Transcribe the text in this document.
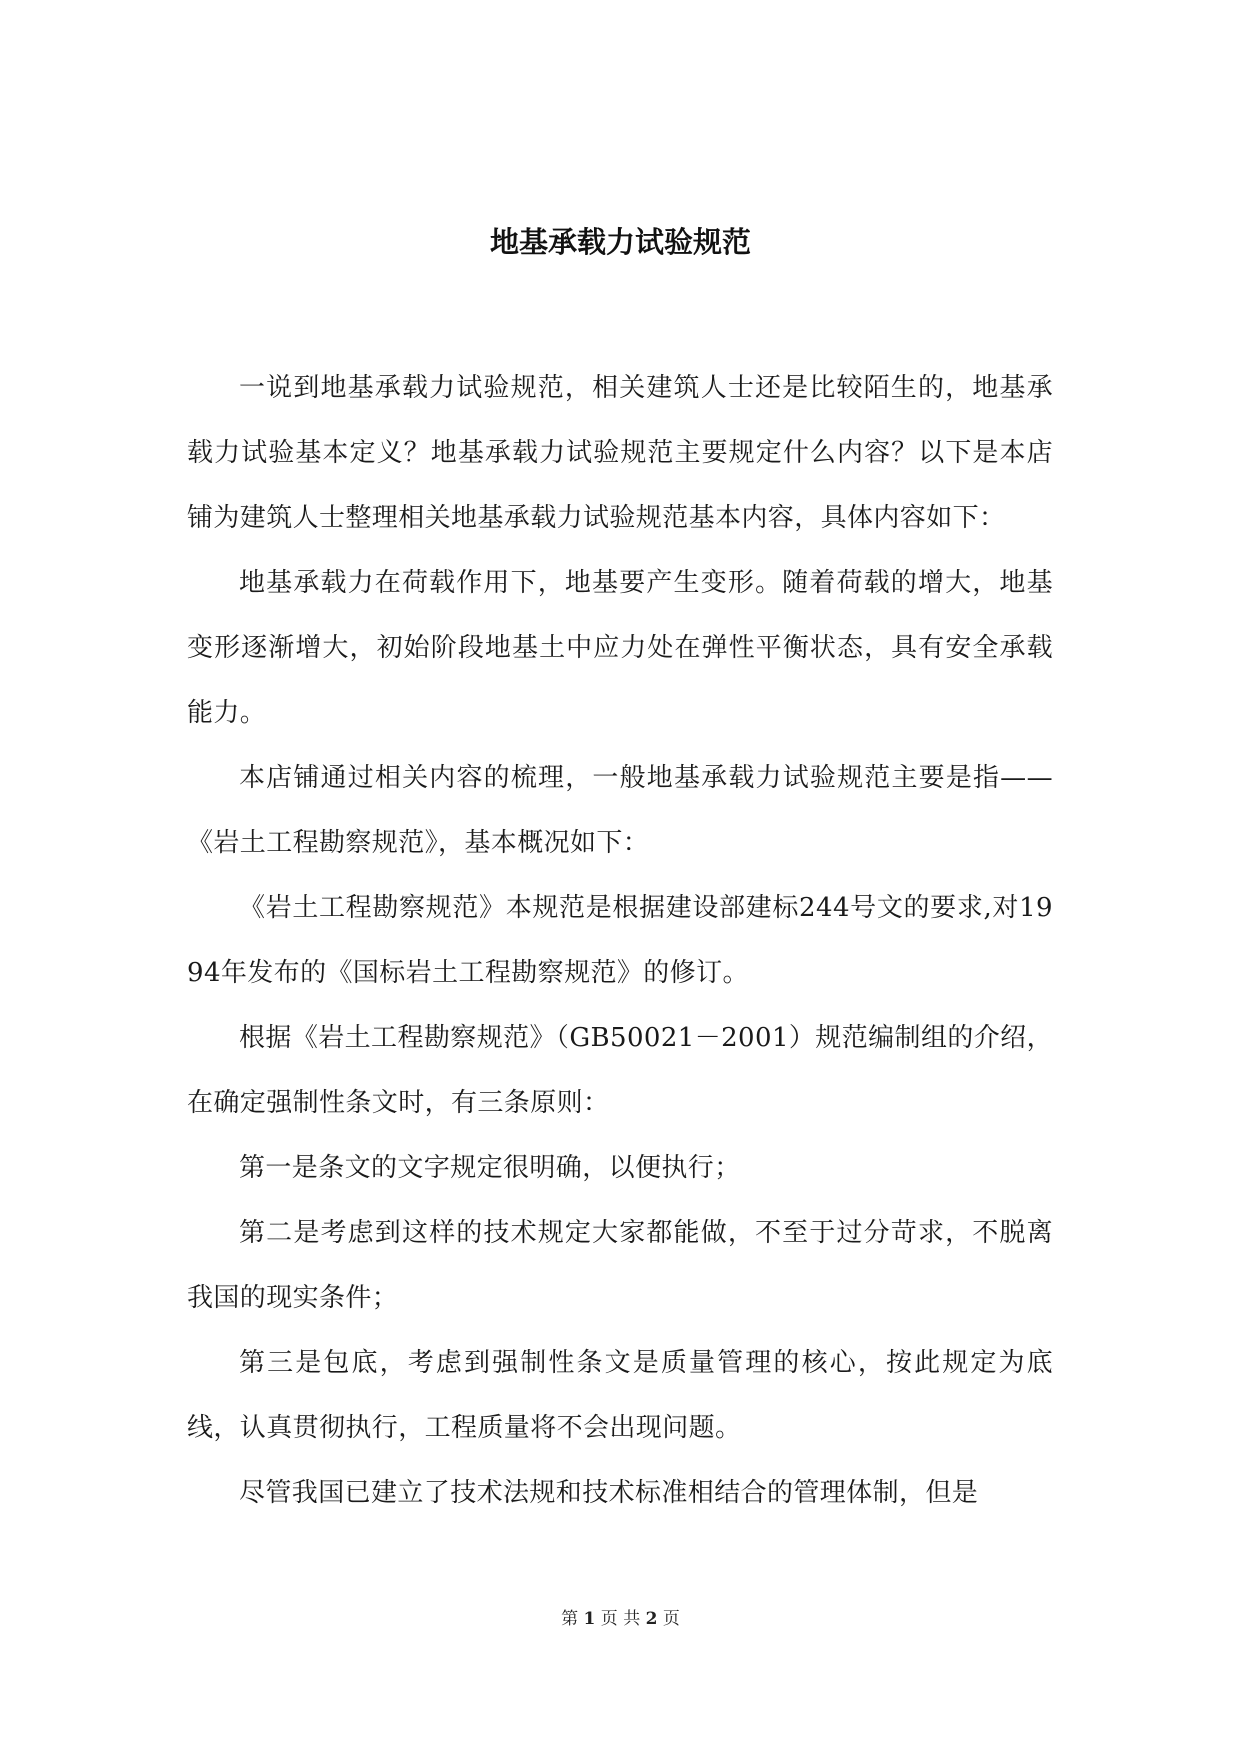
地基承载力试验规范

一说到地基承载力试验规范，相关建筑人士还是比较陌生的，地基承载力试验基本定义？地基承载力试验规范主要规定什么内容？以下是本店铺为建筑人士整理相关地基承载力试验规范基本内容，具体内容如下：

地基承载力在荷载作用下，地基要产生变形。随着荷载的增大，地基变形逐渐增大，初始阶段地基土中应力处在弹性平衡状态，具有安全承载能力。

本店铺通过相关内容的梳理，一般地基承载力试验规范主要是指——《岩土工程勘察规范》，基本概况如下：

《岩土工程勘察规范》本规范是根据建设部建标244号文的要求,对1994年发布的《国标岩土工程勘察规范》的修订。

根据《岩土工程勘察规范》（GB50021－2001）规范编制组的介绍，在确定强制性条文时，有三条原则：

第一是条文的文字规定很明确，以便执行；

第二是考虑到这样的技术规定大家都能做，不至于过分苛求，不脱离我国的现实条件；

第三是包底，考虑到强制性条文是质量管理的核心，按此规定为底线，认真贯彻执行，工程质量将不会出现问题。

尽管我国已建立了技术法规和技术标准相结合的管理体制，但是

第 1 页 共 2 页
